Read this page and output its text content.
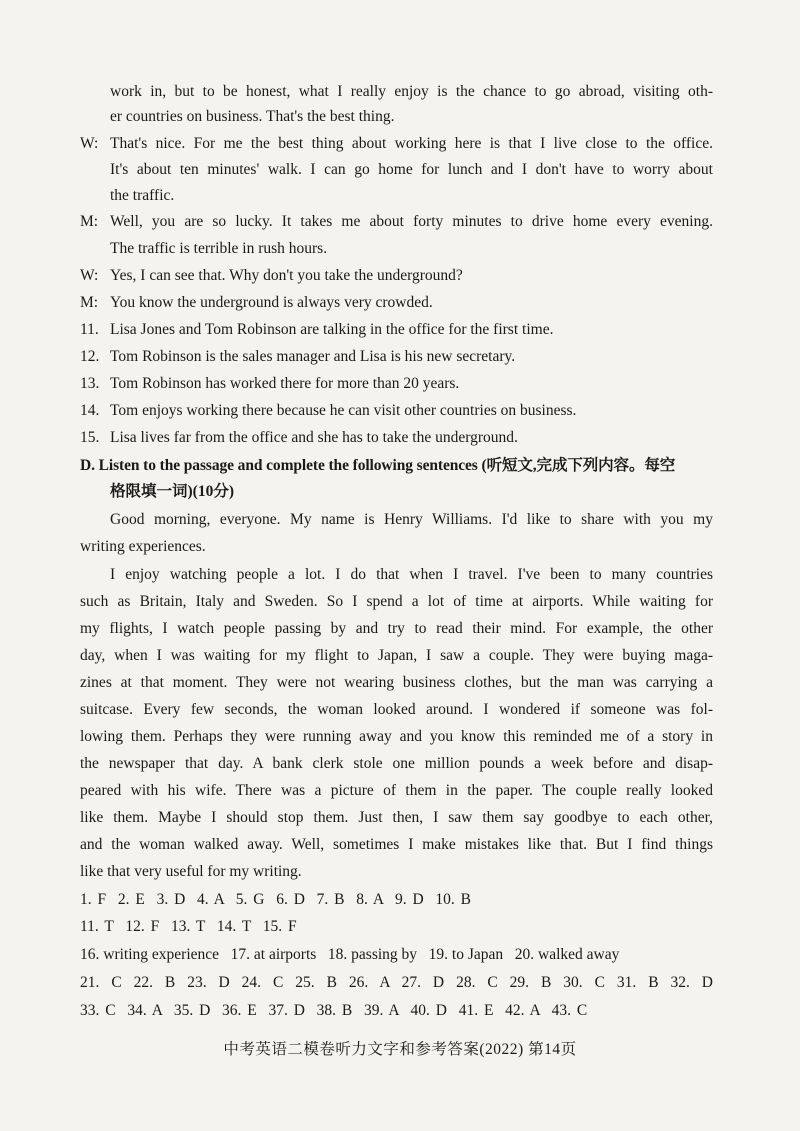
work in, but to be honest, what I really enjoy is the chance to go abroad, visiting oth-
er countries on business. That's the best thing.
W: That's nice. For me the best thing about working here is that I live close to the office.
It's about ten minutes' walk. I can go home for lunch and I don't have to worry about
the traffic.
M: Well, you are so lucky. It takes me about forty minutes to drive home every evening.
The traffic is terrible in rush hours.
W: Yes, I can see that. Why don't you take the underground?
M: You know the underground is always very crowded.
11. Lisa Jones and Tom Robinson are talking in the office for the first time.
12. Tom Robinson is the sales manager and Lisa is his new secretary.
13. Tom Robinson has worked there for more than 20 years.
14. Tom enjoys working there because he can visit other countries on business.
15. Lisa lives far from the office and she has to take the underground.
D. Listen to the passage and complete the following sentences (听短文,完成下列内容。每空
格限填一词)(10分)
Good morning, everyone. My name is Henry Williams. I'd like to share with you my
writing experiences.
I enjoy watching people a lot. I do that when I travel. I've been to many countries
such as Britain, Italy and Sweden. So I spend a lot of time at airports. While waiting for
my flights, I watch people passing by and try to read their mind. For example, the other
day, when I was waiting for my flight to Japan, I saw a couple. They were buying maga-
zines at that moment. They were not wearing business clothes, but the man was carrying a
suitcase. Every few seconds, the woman looked around. I wondered if someone was fol-
lowing them. Perhaps they were running away and you know this reminded me of a story in
the newspaper that day. A bank clerk stole one million pounds a week before and disap-
peared with his wife. There was a picture of them in the paper. The couple really looked
like them. Maybe I should stop them. Just then, I saw them say goodbye to each other,
and the woman walked away. Well, sometimes I make mistakes like that. But I find things
like that very useful for my writing.
1. F  2. E  3. D  4. A  5. G  6. D  7. B  8. A  9. D  10. B
11. T  12. F  13. T  14. T  15. F
16. writing experience   17. at airports   18. passing by   19. to Japan   20. walked away
21. C 22. B 23. D 24. C 25. B 26. A 27. D 28. C 29. B 30. C 31. B 32. D
33. C  34. A  35. D  36. E  37. D  38. B  39. A  40. D  41. E  42. A  43. C
中考英语二模卷听力文字和参考答案(2022) 第14页
